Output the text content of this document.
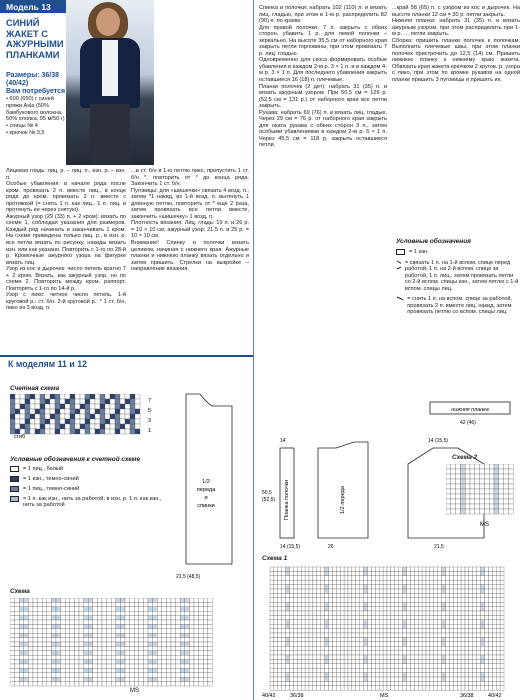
Модель 13
СИНИЙ ЖАКЕТ С АЖУРНЫМИ ПЛАНКАМИ
Размеры: 36/38 (40/42)
Вам потребуется

• 600 (650) г синей пряжи Asia (50% бамбукового волокна, 50% хлопка, 95 м/50 г)

• спицы № 4

• крючок № 3,5

Лицевая гладь: лиц. р. – лиц. п., изн. р. – изн. п.

Особые убавления: в начале ряда после кром. провязать 2 п. вместе лиц., в конце ряда до кром. провязать 2 п. вместе с протяжкой (= снять 1 п. как лиц., 1 п. лиц. и протянуть ее через снятую).

Ажурный узор (29 (33) п. + 2 кром): вязать по схеме 1, соблюдая указания для размеров. Каждый ряд начинать и заканчивать 1 кром. На схеме приведены только лиц. р., в изн. р. все петли вязать по рисунку, накиды вязать изн. или как указано. Повторить с 1-го по 28-й р. Кромочные ажурного узора на фигурке вязать лиц.

Узор из кос и дырочек: число петель кратно 7 + 2 кром. Вязать, как ажурный узор, но по схеме 2. Повторить между кром. раппорт. Повторять с 1-го по 14-й р.

Узор с пико: четное число петель. 1-й круговой р.: ст. б/н. 2-й круговой р.: * 1 ст. б/н, пико из 3 возд. п.

...и ст. б/н в 1-ю петлю пико, пропустить 1 ст. б/н *, повторить от * до конца ряда. Закончить 1 ст. б/н.

Пуговицы: для «шишечки» связать 4 возд. п., затем *1 накид, из 1-й возд. п. вытянуть 1 длинную петлю, повторить от * еще 2 раза, затем провязать все петли вместе, закончить «шишечку» 1 возд. п.

Плотность вязания. Лиц. гладь: 19 п. и 26 р. = 10 × 10 см; ажурный узор: 21,5 п. и 25 р. = 10 × 10 см.

Внимание! Спинку и полочки вязать целиком, начиная с нижнего края. Ажурные планки и нижнюю планку вязать отдельно и затем пришить. Стрелки на выкройке – направление вязания.

Спинка и полочки: набрать 102 (110) п. и вязать лиц. гладью, при этом в 1-м р. распределить 82 (90) п. по краям.

Для правой полочки: 7 п. закрыть с обеих сторон, убавить 1 р. для левой полочки – зеркально. На высоте 35,5 см от наборного края закрыть петли горловины, при этом провязать 7 р. лиц. гладью.

Одновременно для скоса формировать особые убавления в каждом 2-м р. 3 × 1 п. и в каждом 4-м р. 3 × 1 п. Для последнего убавления закрыть оставшиеся 16 (18) п. плечевые.

Планки полочек (2 дет): набрать 31 (35) п. и вязать ажурным узором. При 50,5 см = 126 р. (52,5 см = 131 р.) от наборного края все петли закрыть.

Рукава: набрать 69 (76) п. и вязать лиц. гладью. Через 29 см = 76 р. от наборного края закрыть для оката рукава с обеих сторон 3 п., затем особыми убавлениями в каждом 2-м р. 6 × 1 п. Через 45,5 см = 118 р. закрыть оставшиеся петли.

...край 58 (65) п. с узором из кос и дырочек. На высоте планки 12 см = 30 р. петли закрыть.

Нижняя планка: набрать 31 (35) п. и вязать ажурным узором, при этом распределить при 1-м р. … петли закрыть.

Сборка: пришить планки полочек к полочкам. Выполнить плечевые швы, при этом планки полочек пристрочить до 12,5 (14) см. Пришить нижнюю планку к нижнему краю жакета. Обвязать края жакета крючком 2 кругов. р. узора с пико, при этом по кромке рукавов на одной планке пришить 3 пуговицы и пришить их.

Условные обозначения
= 1 изн.
= связать 1 п. на 1-й вспом. спице перед работой, 1 п. на 2-й вспом. спице за работой, 1 п. лиц., затем провязать петли со 2-й вспом. спицы изн., затем петлю с 1-й вспом. спицы лиц.
= снять 1 п. на вспом. спице за работой, провязать 2 п. вместе лиц. накид, затем провязать петлю со вспом. спицы лиц.
К моделям 11 и 12
Счетная схема
сгиб
7
5
3
1
Условные обозначения к счетной схеме
= 1 пиц., белый
= 1 изн., темно-синий
= 1 пиц., темно-синий
= 1 п. как изн., нить за работой; в изн. р. 1 п. как изн., нить за работой
Схема
MS
1/2
переда
и
спинки
21,5 (48,5)
Планка полочки	1/2 переда
50,5
(52,5)
14 (15,5)	26	21,5
14	14 (15,5)
нижняя планка
42 (46)
Схема 2
MS
Схема 1
40/42	36/38	MS	36/38	40/42
